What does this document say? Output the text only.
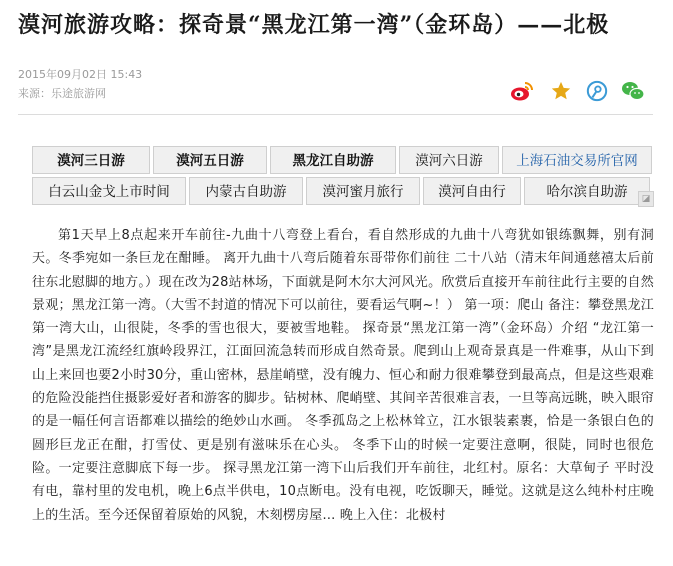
漠河旅游攻略：探奇景“黑龙江第一湾”（金环岛）——北极
2015年09月02日 15:43
来源：乐途旅游网
漠河三日游	漠河五日游	黑龙江自助游	漠河六日游	上海石油交易所官网
白云山金戈上市时间	内蒙古自助游	漠河蜜月旅行	漠河自由行	哈尔滨自助游	◪
第1天早上8点起来开车前往-九曲十八弯登上看台，看自然形成的九曲十八弯犹如银练飘舞，别有洞天。冬季宛如一条巨龙在酣睡。 离开九曲十八弯后随着东哥带你们前往 二十八站（清末年间通慈禧太后前往东北慰脚的地方。）现在改为28站林场，下面就是阿木尔大河风光。欣赏后直接开车前往此行主要的自然景观；黑龙江第一湾。（大雪不封道的情况下可以前往，要看运气啊~！） 第一项：爬山 备注：攀登黑龙江第一湾大山，山很陡，冬季的雪也很大，要被雪地鞋。 探奇景“黑龙江第一湾”（金环岛）介绍 “龙江第一湾”是黑龙江流经红旗岭段界江，江面回流急转而形成自然奇景。爬到山上观奇景真是一件难事，从山下到山上来回也要2小时30分，重山密林，悬崖峭壁，没有魄力、恒心和耐力很难攀登到最高点，但是这些艰难的危险没能挡住摄影爱好者和游客的脚步。钻树林、爬峭壁、其间辛苦很难言表，一旦等高远眺，映入眼帘的是一幅任何言语都难以描绘的绝妙山水画。 冬季孤岛之上松林耸立，江水银装素裹，恰是一条银白色的圆形巨龙正在酣，打雪仗、更是别有滋味乐在心头。 冬季下山的时候一定要注意啊，很陡，同时也很危险。一定要注意脚底下每一步。 探寻黑龙江第一湾下山后我们开车前往，北红村。原名：大草甸子 平时没有电，靠村里的发电机，晚上6点半供电，10点断电。没有电视，吃饭聊天，睡觉。这就是这么纯朴村庄晚上的生活。至今还保留着原始的风貌，木刻楞房屋… 晚上入住：北极村
